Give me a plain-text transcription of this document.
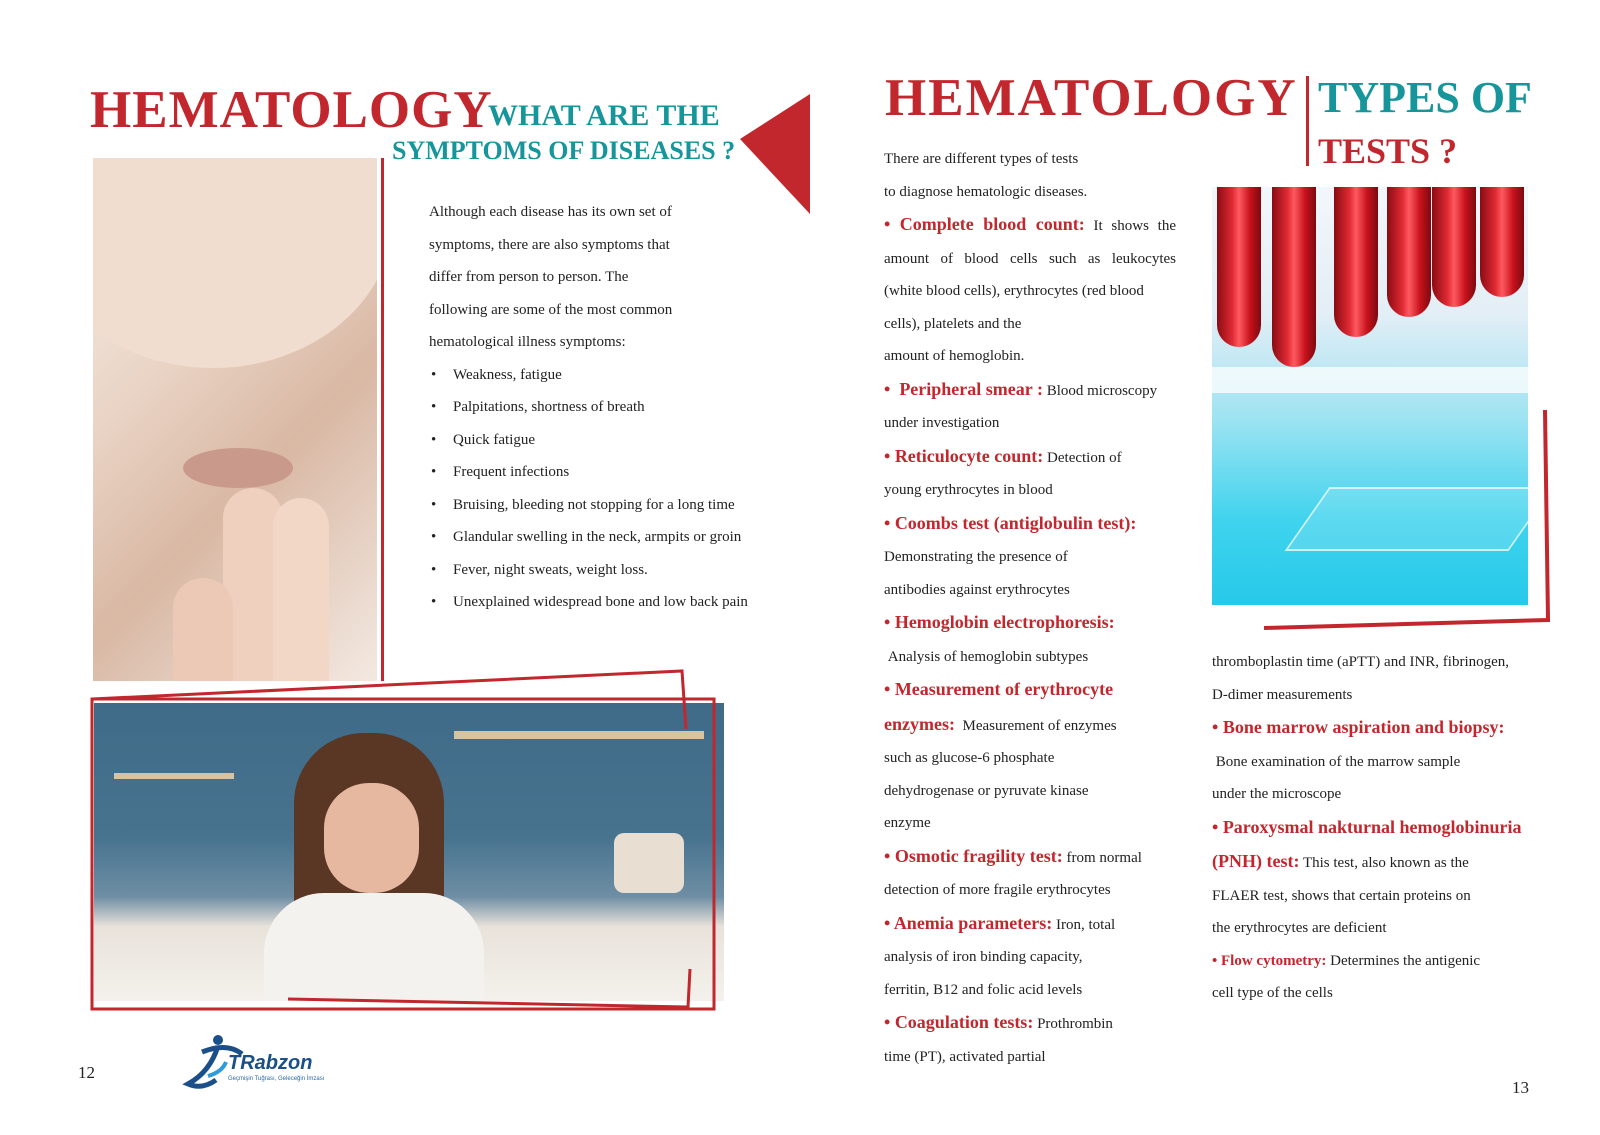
HEMATOLOGY
WHAT ARE THE
SYMPTOMS OF DISEASES ?

Although each disease has its own set of

symptoms, there are also symptoms that

differ from person to person. The

following are some of the most common

hematological illness symptoms:

• Weakness, fatigue
• Palpitations, shortness of breath
• Quick fatigue
• Frequent infections
• Bruising, bleeding not stopping for a long time
• Glandular swelling in the neck, armpits or groin
• Fever, night sweats, weight loss.
• Unexplained widespread bone and low back pain
12	TRabzon
Geçmişin Tuğrası, Geleceğin İmzası
HEMATOLOGY TYPES OF
TESTS ?

There are different types of tests

to diagnose hematologic diseases.

• Complete blood count: It shows the

amount of blood cells such as leukocytes

(white blood cells), erythrocytes (red blood

cells), platelets and the

amount of hemoglobin.

•  Peripheral smear : Blood microscopy

under investigation

• Reticulocyte count: Detection of

young erythrocytes in blood

• Coombs test (antiglobulin test):

Demonstrating the presence of

antibodies against erythrocytes

• Hemoglobin electrophoresis:

Analysis of hemoglobin subtypes

• Measurement of erythrocyte

enzymes: Measurement of enzymes

such as glucose-6 phosphate

dehydrogenase or pyruvate kinase

enzyme

• Osmotic fragility test: from normal

detection of more fragile erythrocytes

• Anemia parameters: Iron, total

analysis of iron binding capacity,

ferritin, B12 and folic acid levels

• Coagulation tests: Prothrombin

time (PT), activated partial

thromboplastin time (aPTT) and INR, fibrinogen,

D-dimer measurements

• Bone marrow aspiration and biopsy:

Bone examination of the marrow sample

under the microscope

• Paroxysmal nakturnal hemoglobinuria

(PNH) test: This test, also known as the

FLAER test, shows that certain proteins on

the erythrocytes are deficient

• Flow cytometry: Determines the antigenic

cell type of the cells

13
